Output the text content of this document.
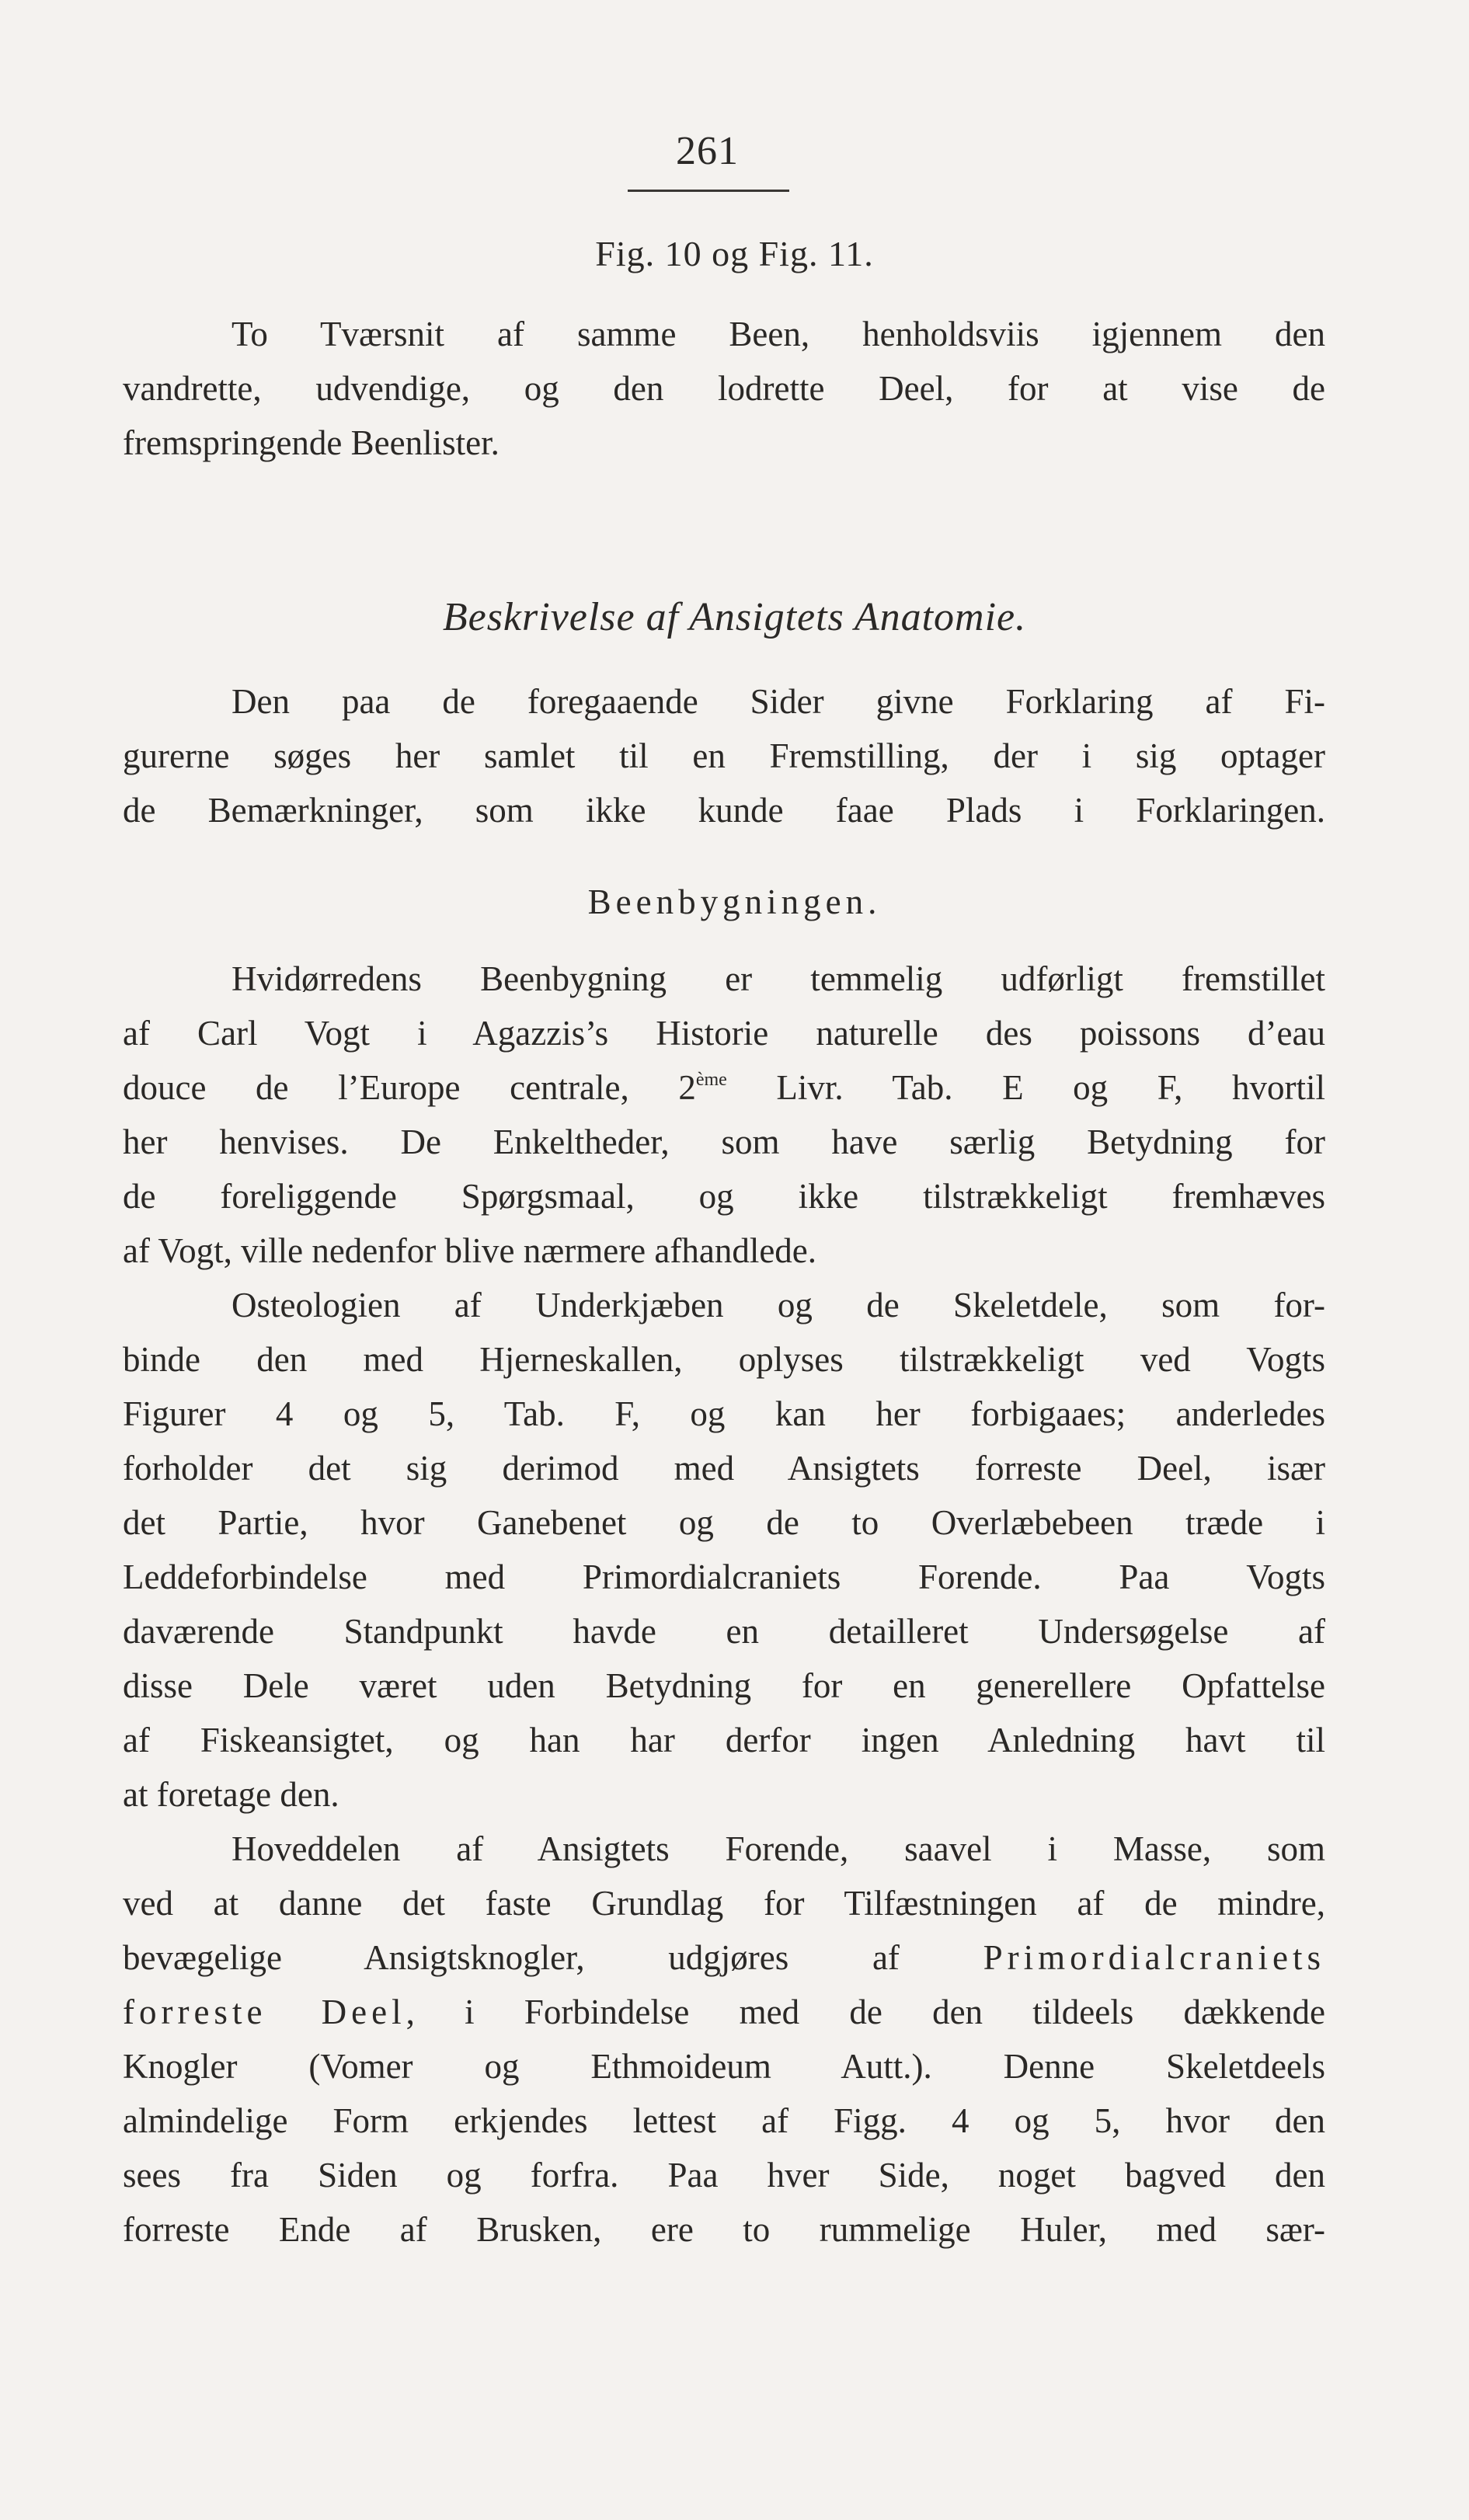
261
Fig. 10 og Fig. 11.
To Tværsnit af samme Been, henholdsviis igjennem den
vandrette, udvendige, og den lodrette Deel, for at vise de
fremspringende Beenlister.
Beskrivelse af Ansigtets Anatomie.
Den paa de foregaaende Sider givne Forklaring af Fi-
gurerne søges her samlet til en Fremstilling, der i sig optager
de Bemærkninger, som ikke kunde faae Plads i Forklaringen.
Beenbygningen.
Hvidørredens Beenbygning er temmelig udførligt fremstillet
af Carl Vogt i Agazzis’s Historie naturelle des poissons d’eau
douce de l’Europe centrale, 2ème Livr. Tab. E og F, hvortil
her henvises. De Enkeltheder, som have særlig Betydning for
de foreliggende Spørgsmaal, og ikke tilstrækkeligt fremhæves
af Vogt, ville nedenfor blive nærmere afhandlede.
Osteologien af Underkjæben og de Skeletdele, som for-
binde den med Hjerneskallen, oplyses tilstrækkeligt ved Vogts
Figurer 4 og 5, Tab. F, og kan her forbigaaes; anderledes
forholder det sig derimod med Ansigtets forreste Deel, især
det Partie, hvor Ganebenet og de to Overlæbebeen træde i
Leddeforbindelse med Primordialcraniets Forende. Paa Vogts
daværende Standpunkt havde en detailleret Undersøgelse af
disse Dele været uden Betydning for en generellere Opfattelse
af Fiskeansigtet, og han har derfor ingen Anledning havt til
at foretage den.
Hoveddelen af Ansigtets Forende, saavel i Masse, som
ved at danne det faste Grundlag for Tilfæstningen af de mindre,
bevægelige Ansigtsknogler, udgjøres af Primordialcraniets
forreste Deel, i Forbindelse med de den tildeels dækkende
Knogler (Vomer og Ethmoideum Autt.). Denne Skeletdeels
almindelige Form erkjendes lettest af Figg. 4 og 5, hvor den
sees fra Siden og forfra. Paa hver Side, noget bagved den
forreste Ende af Brusken, ere to rummelige Huler, med sær-
